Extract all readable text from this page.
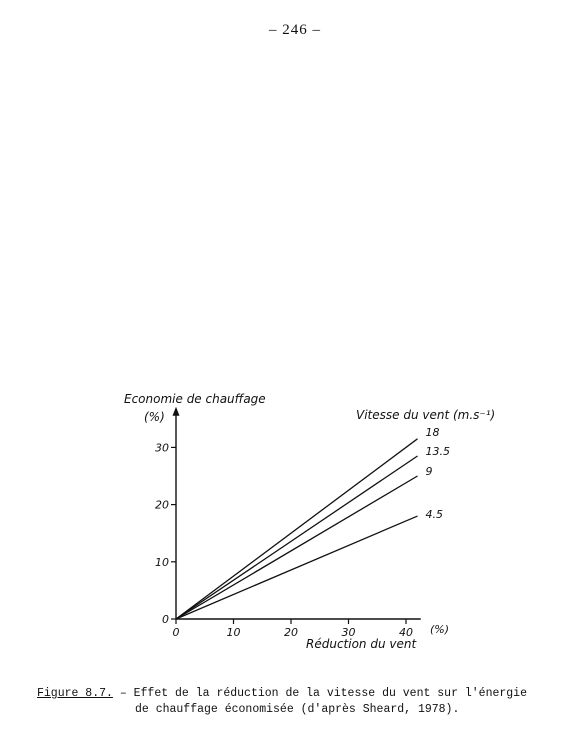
– 246 –
Economie de chauffage
(%)	Vitesse du vent (m.s⁻¹)
Réduction du vent
(%)
0
10
20
30
0	10	20	30	40
18
13.5
9
4.5
Figure 8.7. – Effet de la réduction de la vitesse du vent sur l'énergie
de chauffage économisée (d'après Sheard, 1978).
